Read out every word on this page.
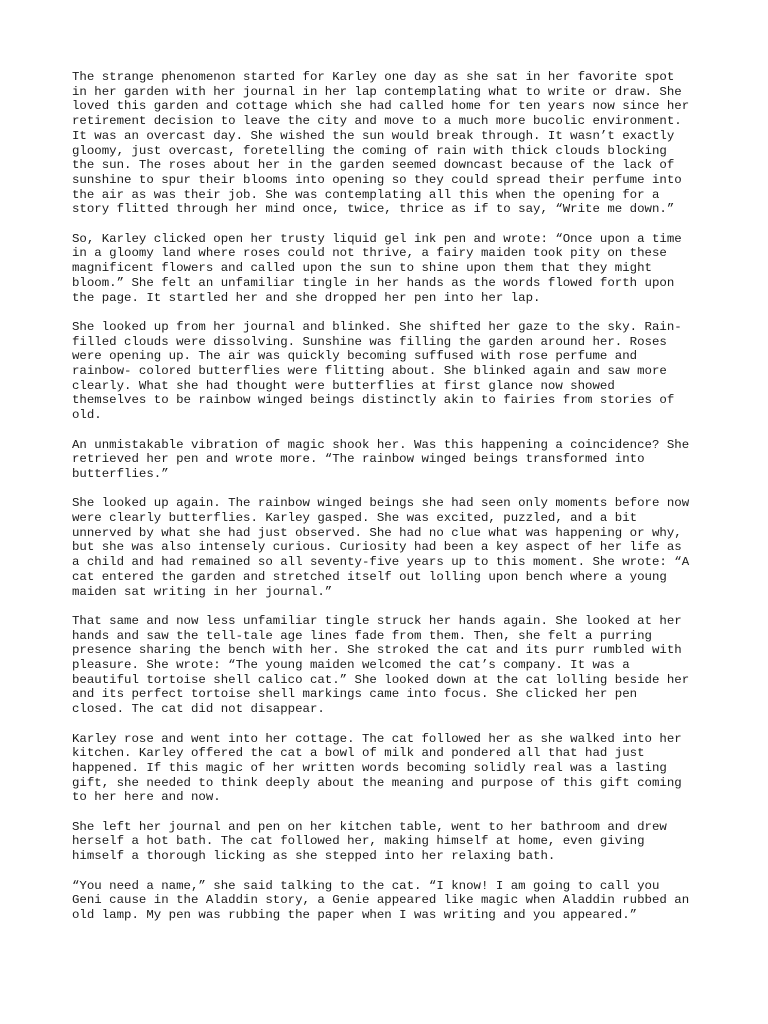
The strange phenomenon started for Karley one day as she sat in her favorite spot
in her garden with her journal in her lap contemplating what to write or draw. She
loved this garden and cottage which she had called home for ten years now since her
retirement decision to leave the city and move to a much more bucolic environment.
It was an overcast day. She wished the sun would break through. It wasn’t exactly
gloomy, just overcast, foretelling the coming of rain with thick clouds blocking
the sun. The roses about her in the garden seemed downcast because of the lack of
sunshine to spur their blooms into opening so they could spread their perfume into
the air as was their job. She was contemplating all this when the opening for a
story flitted through her mind once, twice, thrice as if to say, “Write me down.”

So, Karley clicked open her trusty liquid gel ink pen and wrote: “Once upon a time
in a gloomy land where roses could not thrive, a fairy maiden took pity on these
magnificent flowers and called upon the sun to shine upon them that they might
bloom.” She felt an unfamiliar tingle in her hands as the words flowed forth upon
the page. It startled her and she dropped her pen into her lap.

She looked up from her journal and blinked. She shifted her gaze to the sky. Rain-
filled clouds were dissolving. Sunshine was filling the garden around her. Roses
were opening up. The air was quickly becoming suffused with rose perfume and
rainbow- colored butterflies were flitting about. She blinked again and saw more
clearly. What she had thought were butterflies at first glance now showed
themselves to be rainbow winged beings distinctly akin to fairies from stories of
old.

An unmistakable vibration of magic shook her. Was this happening a coincidence? She
retrieved her pen and wrote more. “The rainbow winged beings transformed into
butterflies.”

She looked up again. The rainbow winged beings she had seen only moments before now
were clearly butterflies. Karley gasped. She was excited, puzzled, and a bit
unnerved by what she had just observed. She had no clue what was happening or why,
but she was also intensely curious. Curiosity had been a key aspect of her life as
a child and had remained so all seventy-five years up to this moment. She wrote: “A
cat entered the garden and stretched itself out lolling upon bench where a young
maiden sat writing in her journal.”

That same and now less unfamiliar tingle struck her hands again. She looked at her
hands and saw the tell-tale age lines fade from them. Then, she felt a purring
presence sharing the bench with her. She stroked the cat and its purr rumbled with
pleasure. She wrote: “The young maiden welcomed the cat’s company. It was a
beautiful tortoise shell calico cat.” She looked down at the cat lolling beside her
and its perfect tortoise shell markings came into focus. She clicked her pen
closed. The cat did not disappear.

Karley rose and went into her cottage. The cat followed her as she walked into her
kitchen. Karley offered the cat a bowl of milk and pondered all that had just
happened. If this magic of her written words becoming solidly real was a lasting
gift, she needed to think deeply about the meaning and purpose of this gift coming
to her here and now.

She left her journal and pen on her kitchen table, went to her bathroom and drew
herself a hot bath. The cat followed her, making himself at home, even giving
himself a thorough licking as she stepped into her relaxing bath.

“You need a name,” she said talking to the cat. “I know! I am going to call you
Geni cause in the Aladdin story, a Genie appeared like magic when Aladdin rubbed an
old lamp. My pen was rubbing the paper when I was writing and you appeared.”
